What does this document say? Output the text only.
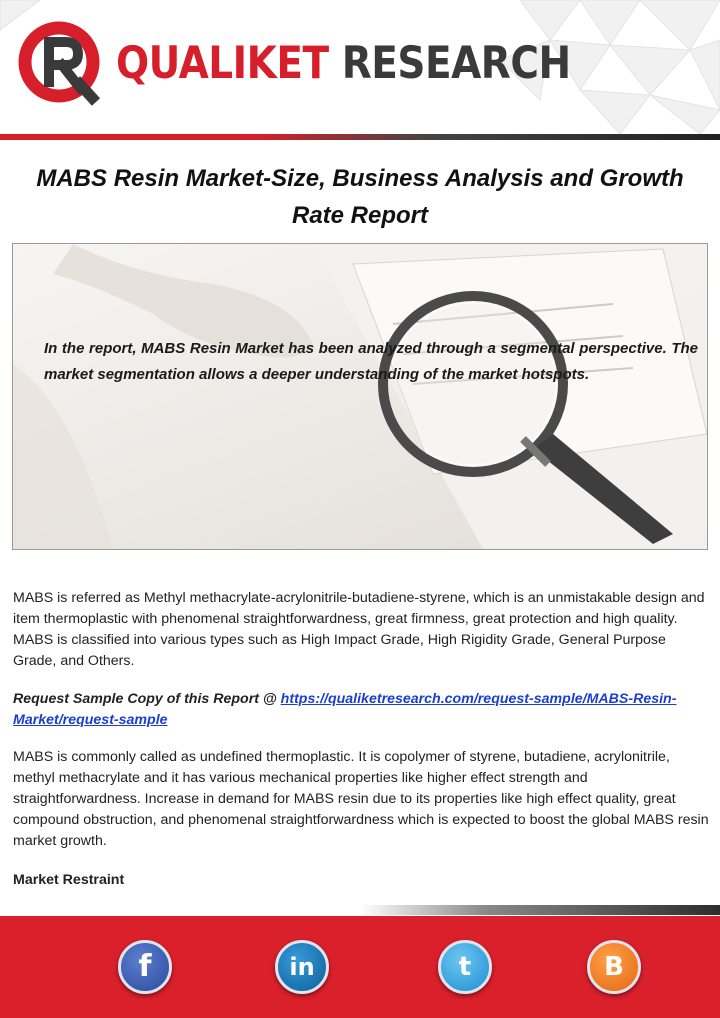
QUALIKET RESEARCH
MABS Resin Market-Size, Business Analysis and Growth Rate Report
In the report, MABS Resin Market has been analyzed through a segmental perspective. The market segmentation allows a deeper understanding of the market hotspots.
MABS is referred as Methyl methacrylate-acrylonitrile-butadiene-styrene, which is an unmistakable design and item thermoplastic with phenomenal straightforwardness, great firmness, great protection and high quality. MABS is classified into various types such as High Impact Grade, High Rigidity Grade, General Purpose Grade, and Others.
Request Sample Copy of this Report @ https://qualiketresearch.com/request-sample/MABS-Resin-Market/request-sample
MABS is commonly called as undefined thermoplastic. It is copolymer of styrene, butadiene, acrylonitrile, methyl methacrylate and it has various mechanical properties like higher effect strength and straightforwardness. Increase in demand for MABS resin due to its properties like high effect quality, great compound obstruction, and phenomenal straightforwardness which is expected to boost the global MABS resin market growth.
Market Restraint
f	in	t	B
